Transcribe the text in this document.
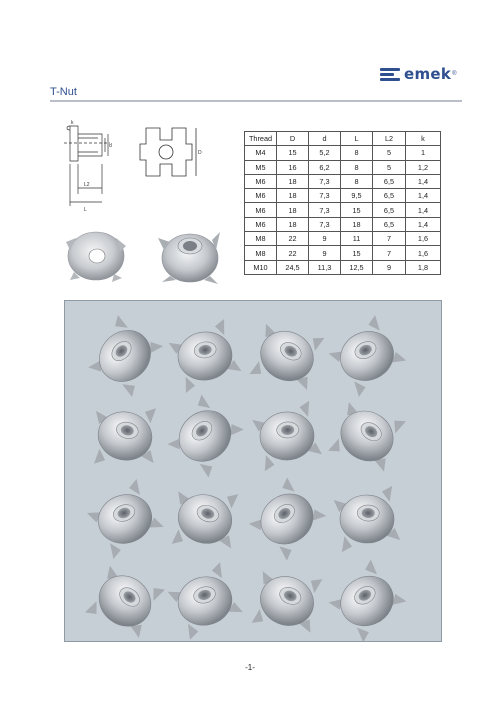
emek ®
T-Nut
L2
L
d
k
D
Thread	D	d	L	L2	k
M4	15	5,2	8	5	1
M5	16	6,2	8	5	1,2
M6	18	7,3	8	6,5	1,4
M6	18	7,3	9,5	6,5	1,4
M6	18	7,3	15	6,5	1,4
M6	18	7,3	18	6,5	1,4
M8	22	9	11	7	1,6
M8	22	9	15	7	1,6
M10	24,5	11,3	12,5	9	1,8
-1-
